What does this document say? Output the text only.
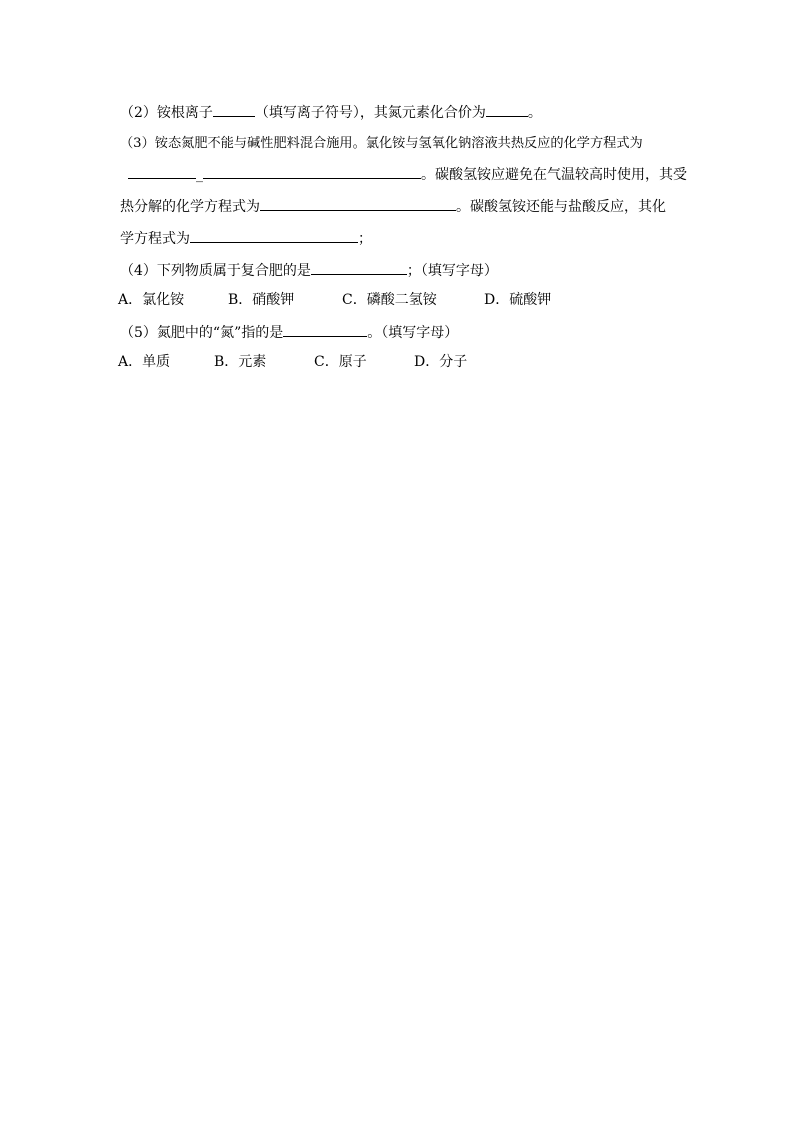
（2）铵根离子	（填写离子符号），其氮元素化合价为	。
（3）铵态氮肥不能与碱性肥料混合施用。氯化铵与氢氧化钠溶液共热反应的化学方程式为
_	。碳酸氢铵应避免在气温较高时使用，其受
热分解的化学方程式为	。碳酸氢铵还能与盐酸反应，其化
学方程式为	；
（4）下列物质属于复合肥的是	；（填写字母）
A．氯化铵	B．硝酸钾	C．磷酸二氢铵	D．硫酸钾
（5）氮肥中的“氮”指的是	。（填写字母）
A．单质	B．元素	C．原子	D．分子
